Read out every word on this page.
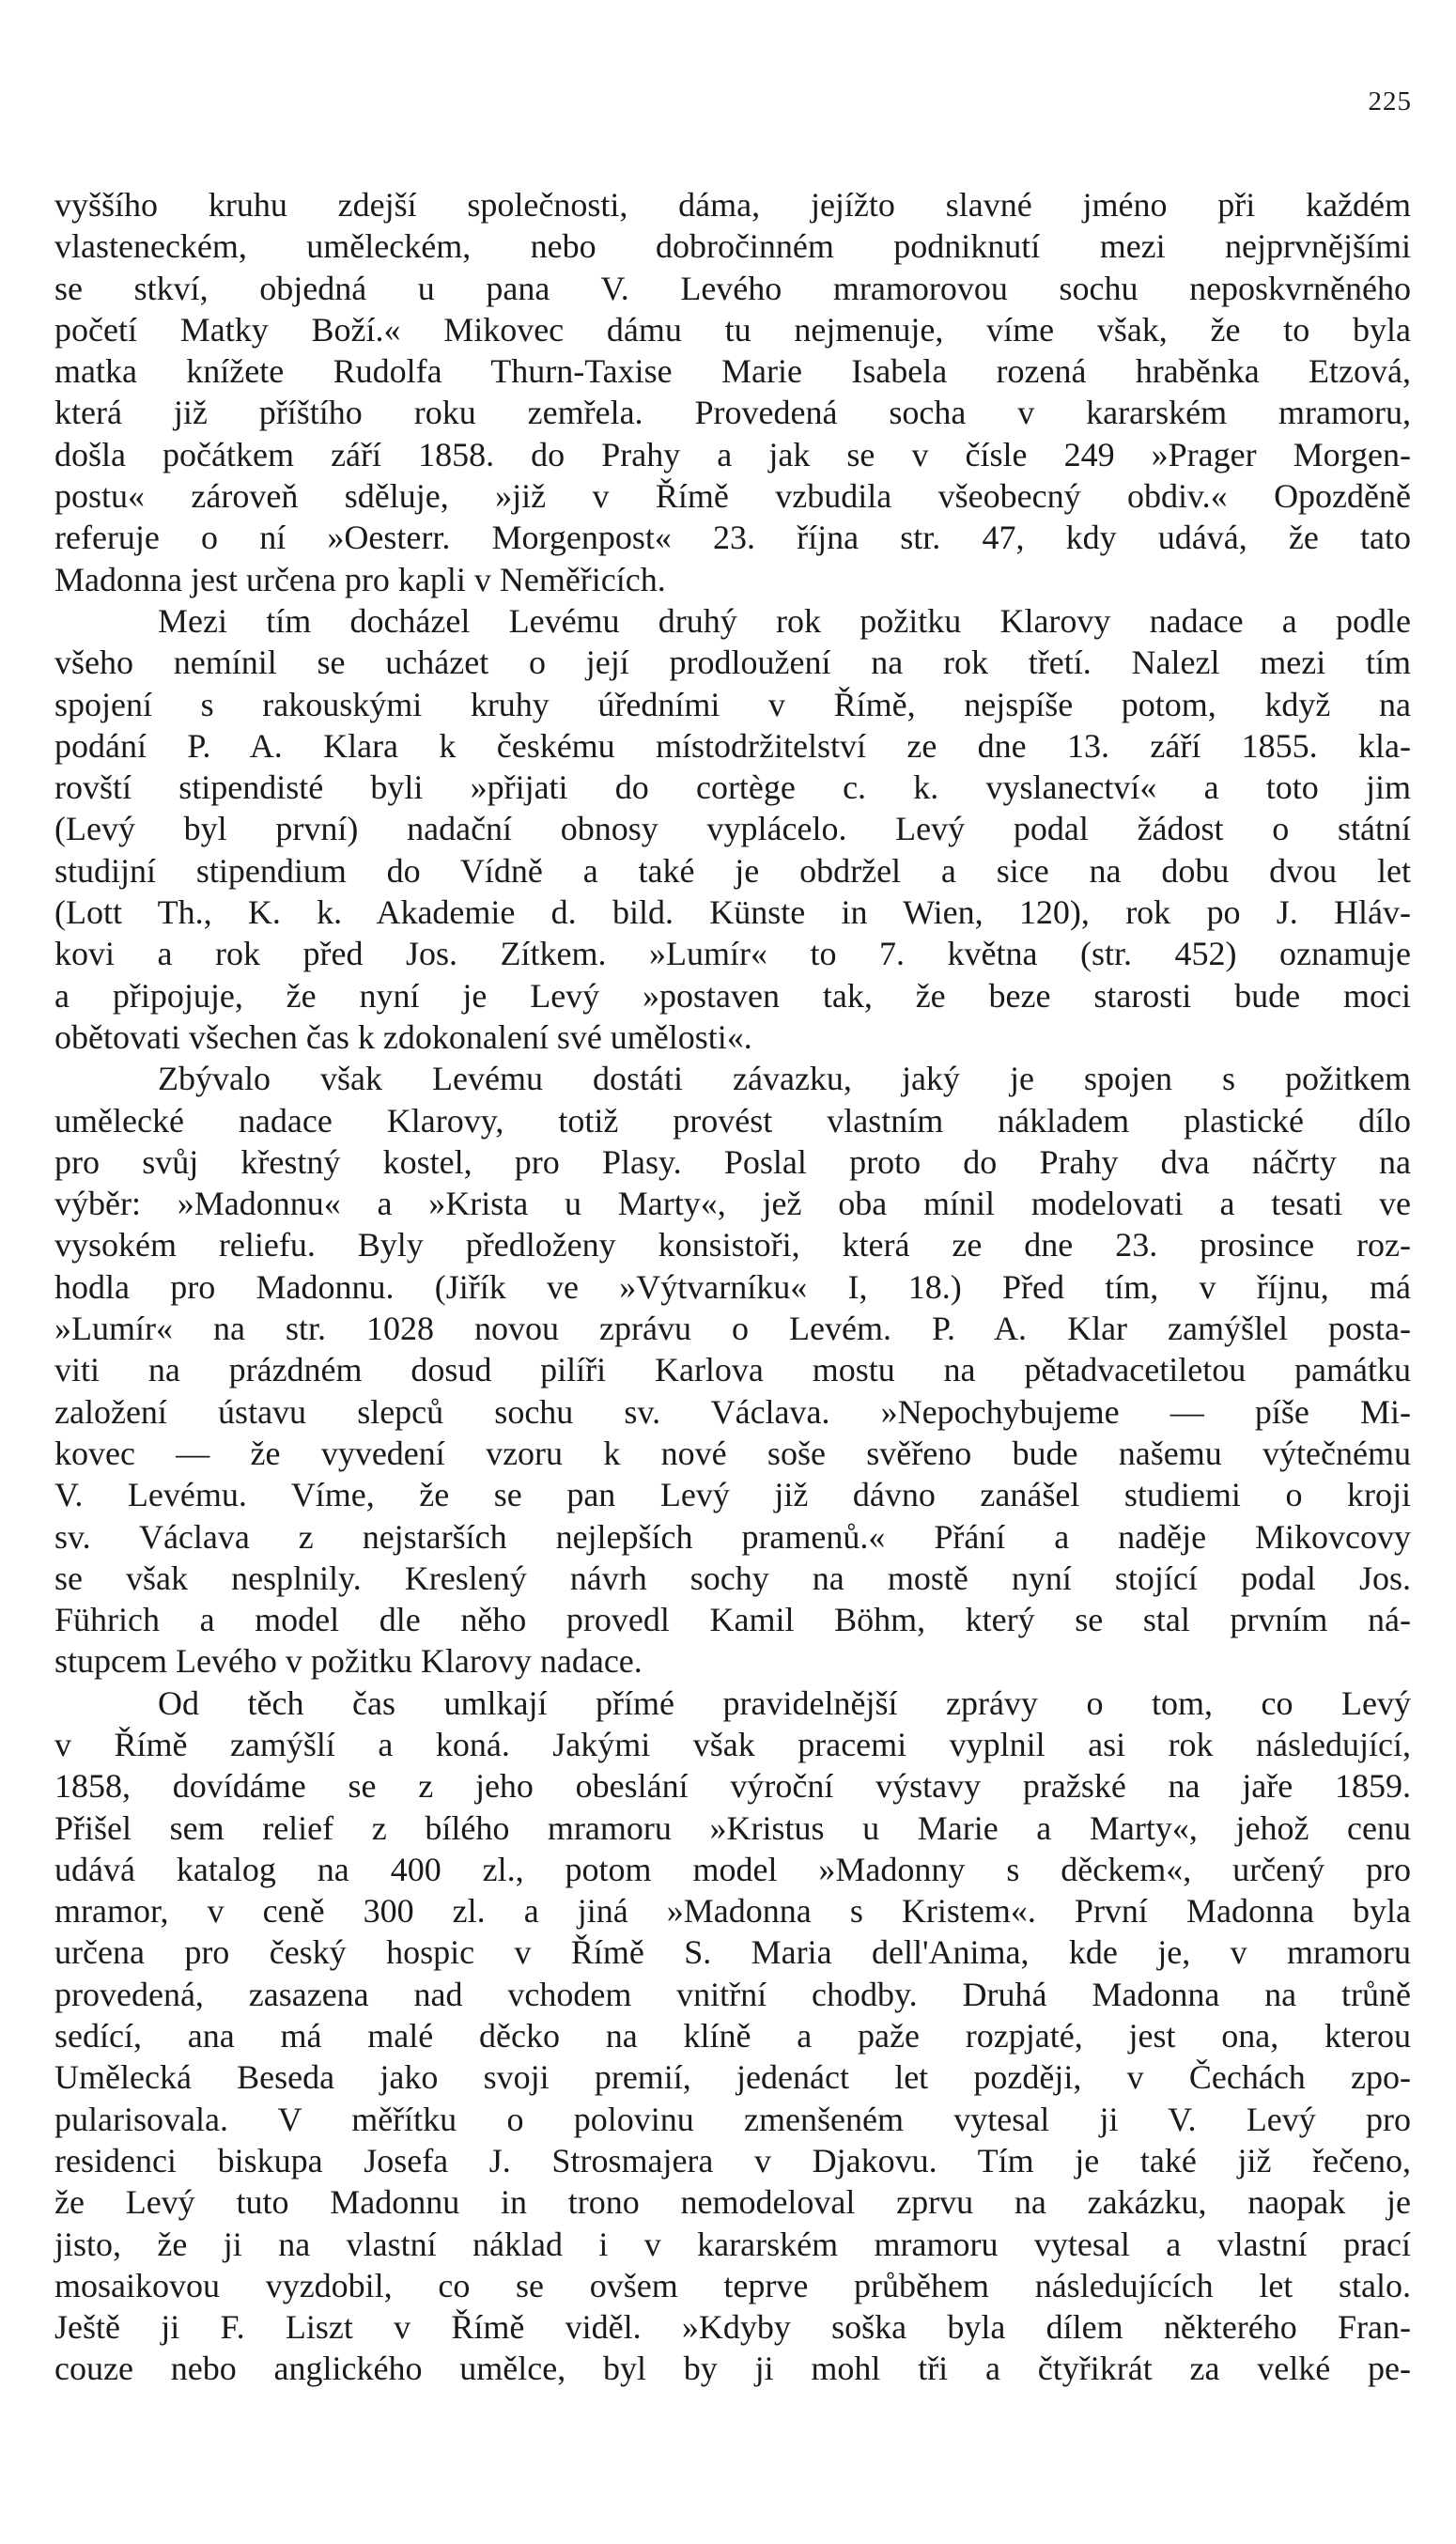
225
vyššího kruhu zdejší společnosti, dáma, jejížto slavné jméno při každém
vlasteneckém, uměleckém, nebo dobročinném podniknutí mezi nejprvnějšími
se stkví, objedná u pana V. Levého mramorovou sochu neposkvrněného
početí Matky Boží.« Mikovec dámu tu nejmenuje, víme však, že to byla
matka knížete Rudolfa Thurn-Taxise Marie Isabela rozená hraběnka Etzová,
která již příštího roku zemřela. Provedená socha v kararském mramoru,
došla počátkem září 1858. do Prahy a jak se v čísle 249 »Prager Morgen-
postu« zároveň sděluje, »již v Římě vzbudila všeobecný obdiv.« Opozděně
referuje o ní »Oesterr. Morgenpost« 23. října str. 47, kdy udává, že tato
Madonna jest určena pro kapli v Neměřicích.
Mezi tím docházel Levému druhý rok požitku Klarovy nadace a podle
všeho nemínil se ucházet o její prodloužení na rok třetí. Nalezl mezi tím
spojení s rakouskými kruhy úředními v Římě, nejspíše potom, když na
podání P. A. Klara k českému místodržitelství ze dne 13. září 1855. kla-
rovští stipendisté byli »přijati do cortège c. k. vyslanectví« a toto jim
(Levý byl první) nadační obnosy vyplácelo. Levý podal žádost o státní
studijní stipendium do Vídně a také je obdržel a sice na dobu dvou let
(Lott Th., K. k. Akademie d. bild. Künste in Wien, 120), rok po J. Hláv-
kovi a rok před Jos. Zítkem. »Lumír« to 7. května (str. 452) oznamuje
a připojuje, že nyní je Levý »postaven tak, že beze starosti bude moci
obětovati všechen čas k zdokonalení své umělosti«.
Zbývalo však Levému dostáti závazku, jaký je spojen s požitkem
umělecké nadace Klarovy, totiž provést vlastním nákladem plastické dílo
pro svůj křestný kostel, pro Plasy. Poslal proto do Prahy dva náčrty na
výběr: »Madonnu« a »Krista u Marty«, jež oba mínil modelovati a tesati ve
vysokém reliefu. Byly předloženy konsistoři, která ze dne 23. prosince roz-
hodla pro Madonnu. (Jiřík ve »Výtvarníku« I, 18.) Před tím, v říjnu, má
»Lumír« na str. 1028 novou zprávu o Levém. P. A. Klar zamýšlel posta-
viti na prázdném dosud pilíři Karlova mostu na pětadvacetiletou památku
založení ústavu slepců sochu sv. Václava. »Nepochybujeme — píše Mi-
kovec — že vyvedení vzoru k nové soše svěřeno bude našemu výtečnému
V. Levému. Víme, že se pan Levý již dávno zanášel studiemi o kroji
sv. Václava z nejstarších nejlepších pramenů.« Přání a naděje Mikovcovy
se však nesplnily. Kreslený návrh sochy na mostě nyní stojící podal Jos.
Führich a model dle něho provedl Kamil Böhm, který se stal prvním ná-
stupcem Levého v požitku Klarovy nadace.
Od těch čas umlkají přímé pravidelnější zprávy o tom, co Levý
v Římě zamýšlí a koná. Jakými však pracemi vyplnil asi rok následující,
1858, dovídáme se z jeho obeslání výroční výstavy pražské na jaře 1859.
Přišel sem relief z bílého mramoru »Kristus u Marie a Marty«, jehož cenu
udává katalog na 400 zl., potom model »Madonny s děckem«, určený pro
mramor, v ceně 300 zl. a jiná »Madonna s Kristem«. První Madonna byla
určena pro český hospic v Římě S. Maria dell'Anima, kde je, v mramoru
provedená, zasazena nad vchodem vnitřní chodby. Druhá Madonna na trůně
sedící, ana má malé děcko na klíně a paže rozpjaté, jest ona, kterou
Umělecká Beseda jako svoji premií, jedenáct let později, v Čechách zpo-
pularisovala. V měřítku o polovinu zmenšeném vytesal ji V. Levý pro
residenci biskupa Josefa J. Strosmajera v Djakovu. Tím je také již řečeno,
že Levý tuto Madonnu in trono nemodeloval zprvu na zakázku, naopak je
jisto, že ji na vlastní náklad i v kararském mramoru vytesal a vlastní prací
mosaikovou vyzdobil, co se ovšem teprve průběhem následujících let stalo.
Ještě ji F. Liszt v Římě viděl. »Kdyby soška byla dílem některého Fran-
couze nebo anglického umělce, byl by ji mohl tři a čtyřikrát za velké pe-
